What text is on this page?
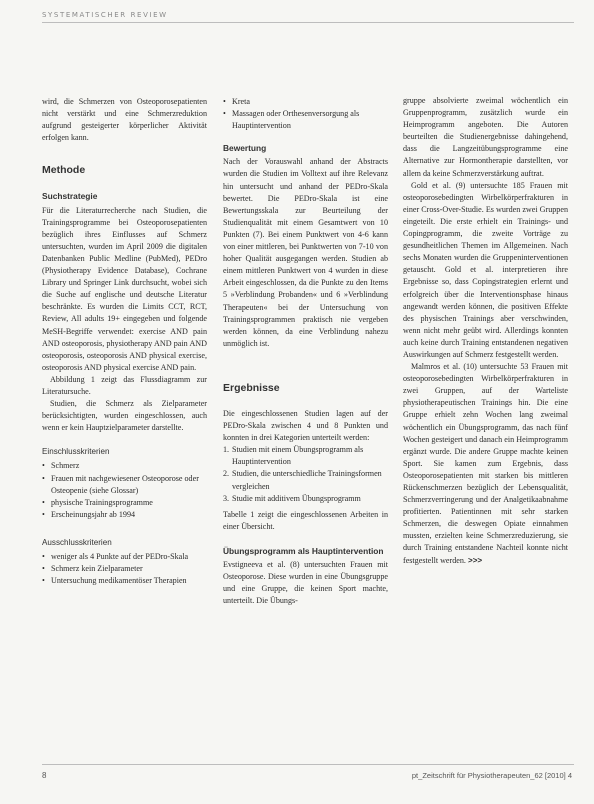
SYSTEMATISCHER REVIEW

wird, die Schmerzen von Osteoporosepatienten nicht verstärkt und eine Schmerzreduktion aufgrund gesteigerter körperlicher Aktivität erfolgen kann.

Methode
Suchstrategie

Für die Literaturrecherche nach Studien, die Trainingsprogramme bei Osteoporosepatienten bezüglich ihres Einflusses auf Schmerz untersuchten, wurden im April 2009 die digitalen Datenbanken Public Medline (PubMed), PEDro (Physiotherapy Evidence Database), Cochrane Library und Springer Link durchsucht, wobei sich die Suche auf englische und deutsche Literatur beschränkte. Es wurden die Limits CCT, RCT, Review, All adults 19+ eingegeben und folgende MeSH-Begriffe verwendet: exercise AND pain AND osteoporosis, physiotherapy AND pain AND osteoporosis, osteoporosis AND physical exercise, osteoporosis AND physical exercise AND pain.

Abbildung 1 zeigt das Flussdiagramm zur Literatursuche.

Studien, die Schmerz als Zielparameter berücksichtigten, wurden eingeschlossen, auch wenn er kein Hauptzielparameter darstellte.

Einschlusskriterien
• Schmerz
• Frauen mit nachgewiesener Osteoporose oder Osteopenie (siehe Glossar)
• physische Trainingsprogramme
• Erscheinungsjahr ab 1994
Ausschlusskriterien
• weniger als 4 Punkte auf der PEDro-Skala
• Schmerz kein Zielparameter
• Untersuchung medikamentöser Therapien
• Kreta
• Massagen oder Orthesenversorgung als Hauptintervention
Bewertung

Nach der Vorauswahl anhand der Abstracts wurden die Studien im Volltext auf ihre Relevanz hin untersucht und anhand der PEDro-Skala bewertet. Die PEDro-Skala ist eine Bewertungsskala zur Beurteilung der Studienqualität mit einem Gesamtwert von 10 Punkten (7). Bei einem Punktwert von 4-6 kann von einer mittleren, bei Punktwerten von 7-10 von hoher Qualität ausgegangen werden. Studien ab einem mittleren Punktwert von 4 wurden in diese Arbeit eingeschlossen, da die Punkte zu den Items 5 »Verblindung Probanden« und 6 »Verblindung Therapeuten« bei der Untersuchung von Trainingsprogrammen praktisch nie vergeben werden können, da eine Verblindung nahezu unmöglich ist.

Ergebnisse

Die eingeschlossenen Studien lagen auf der PEDro-Skala zwischen 4 und 8 Punkten und konnten in drei Kategorien unterteilt werden:

1. Studien mit einem Übungsprogramm als Hauptintervention
2. Studien, die unterschiedliche Trainingsformen vergleichen
3. Studie mit additivem Übungsprogramm

Tabelle 1 zeigt die eingeschlossenen Arbeiten in einer Übersicht.

Übungsprogramm als Hauptintervention

Evstigneeva et al. (8) untersuchten Frauen mit Osteoporose. Diese wurden in eine Übungsgruppe und eine Gruppe, die keinen Sport machte, unterteilt. Die Übungs-

gruppe absolvierte zweimal wöchentlich ein Gruppenprogramm, zusätzlich wurde ein Heimprogramm angeboten. Die Autoren beurteilten die Studienergebnisse dahingehend, dass die Langzeitübungsprogramme eine Alternative zur Hormontherapie darstellten, vor allem da keine Schmerzverstärkung auftrat.

Gold et al. (9) untersuchte 185 Frauen mit osteoporosebedingten Wirbelkörperfrakturen in einer Cross-Over-Studie. Es wurden zwei Gruppen eingeteilt. Die erste erhielt ein Trainings- und Copingprogramm, die zweite Vorträge zu gesundheitlichen Themen im Allgemeinen. Nach sechs Monaten wurden die Gruppeninterventionen getauscht. Gold et al. interpretieren ihre Ergebnisse so, dass Copingstrategien erlernt und erfolgreich über die Interventionsphase hinaus angewandt werden können, die positiven Effekte des physischen Trainings aber verschwinden, wenn nicht mehr geübt wird. Allerdings konnten auch keine durch Training entstandenen negativen Auswirkungen auf Schmerz festgestellt werden.

Malmros et al. (10) untersuchte 53 Frauen mit osteoporosebedingten Wirbelkörperfrakturen in zwei Gruppen, auf der Warteliste physiotherapeutischen Trainings hin. Die eine Gruppe erhielt zehn Wochen lang zweimal wöchentlich ein Übungsprogramm, das nach fünf Wochen gesteigert und danach ein Heimprogramm ergänzt wurde. Die andere Gruppe machte keinen Sport. Sie kamen zum Ergebnis, dass Osteoporosepatienten mit starken bis mittleren Rückenschmerzen bezüglich der Lebensqualität, Schmerzverringerung und der Analgetikaabnahme profitierten. Patientinnen mit sehr starken Schmerzen, die deswegen Opiate einnahmen mussten, erzielten keine Schmerzreduzierung, sie durch Training entstandene Nachteil konnte nicht festgestellt werden. >>>

8	pt_Zeitschrift für Physiotherapeuten_62 [2010] 4
